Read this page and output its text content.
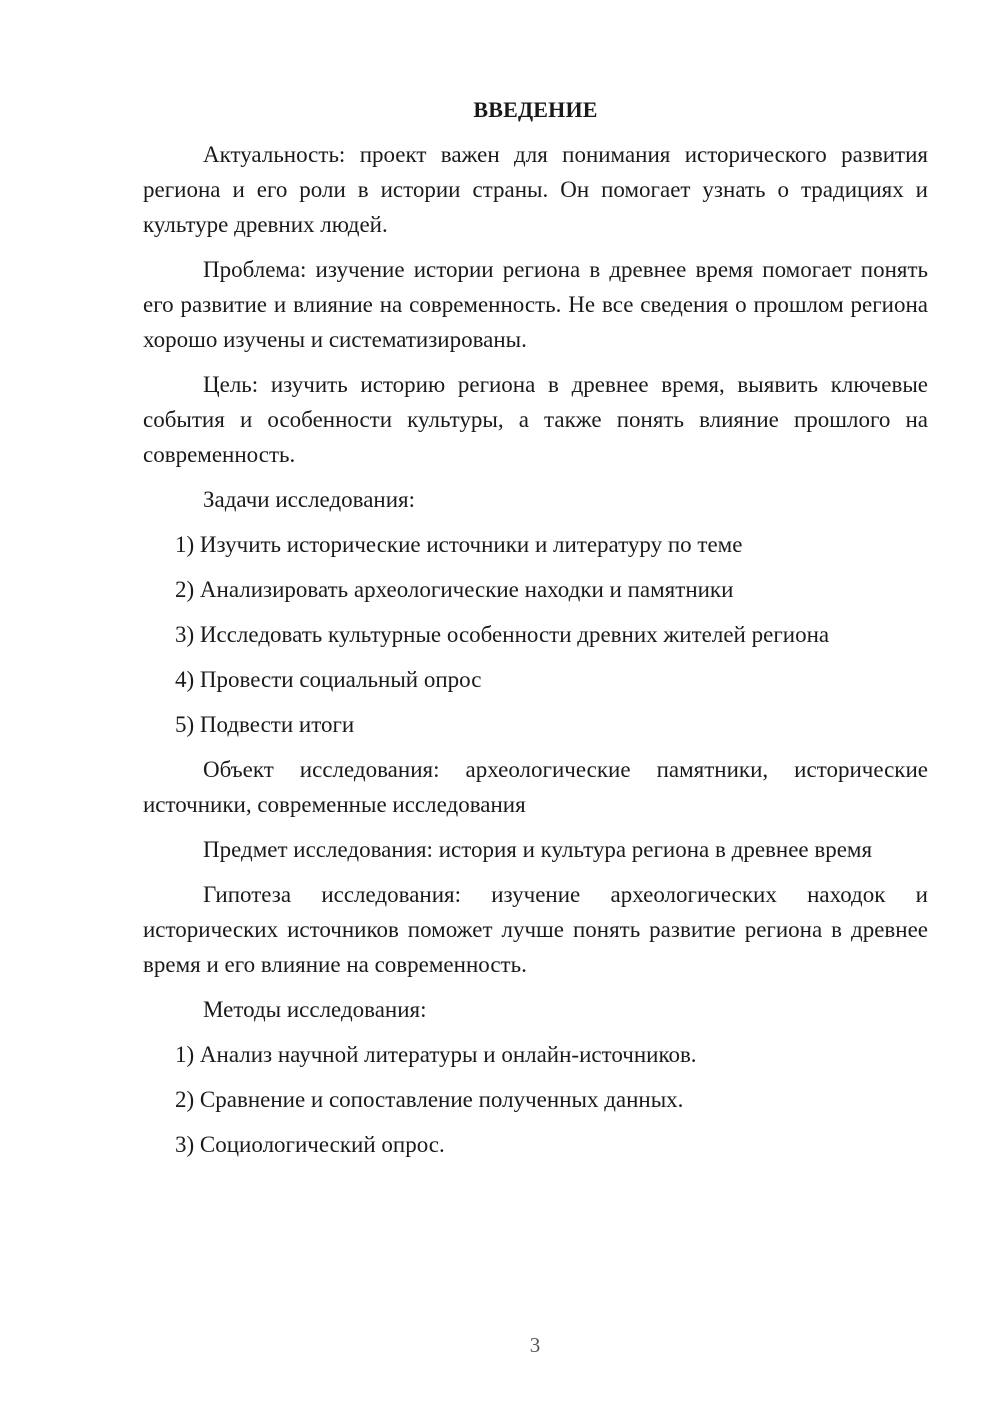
ВВЕДЕНИЕ

Актуальность: проект важен для понимания исторического развития региона и его роли в истории страны. Он помогает узнать о традициях и культуре древних людей.

Проблема: изучение истории региона в древнее время помогает понять его развитие и влияние на современность. Не все сведения о прошлом региона хорошо изучены и систематизированы.

Цель: изучить историю региона в древнее время, выявить ключевые события и особенности культуры, а также понять влияние прошлого на современность.

Задачи исследования:

1) Изучить исторические источники и литературу по теме
2) Анализировать археологические находки и памятники
3) Исследовать культурные особенности древних жителей региона
4) Провести социальный опрос
5) Подвести итоги

Объект исследования: археологические памятники, исторические источники, современные исследования

Предмет исследования: история и культура региона в древнее время

Гипотеза исследования: изучение археологических находок и исторических источников поможет лучше понять развитие региона в древнее время и его влияние на современность.

Методы исследования:

1) Анализ научной литературы и онлайн-источников.
2) Сравнение и сопоставление полученных данных.
3) Социологический опрос.
3
